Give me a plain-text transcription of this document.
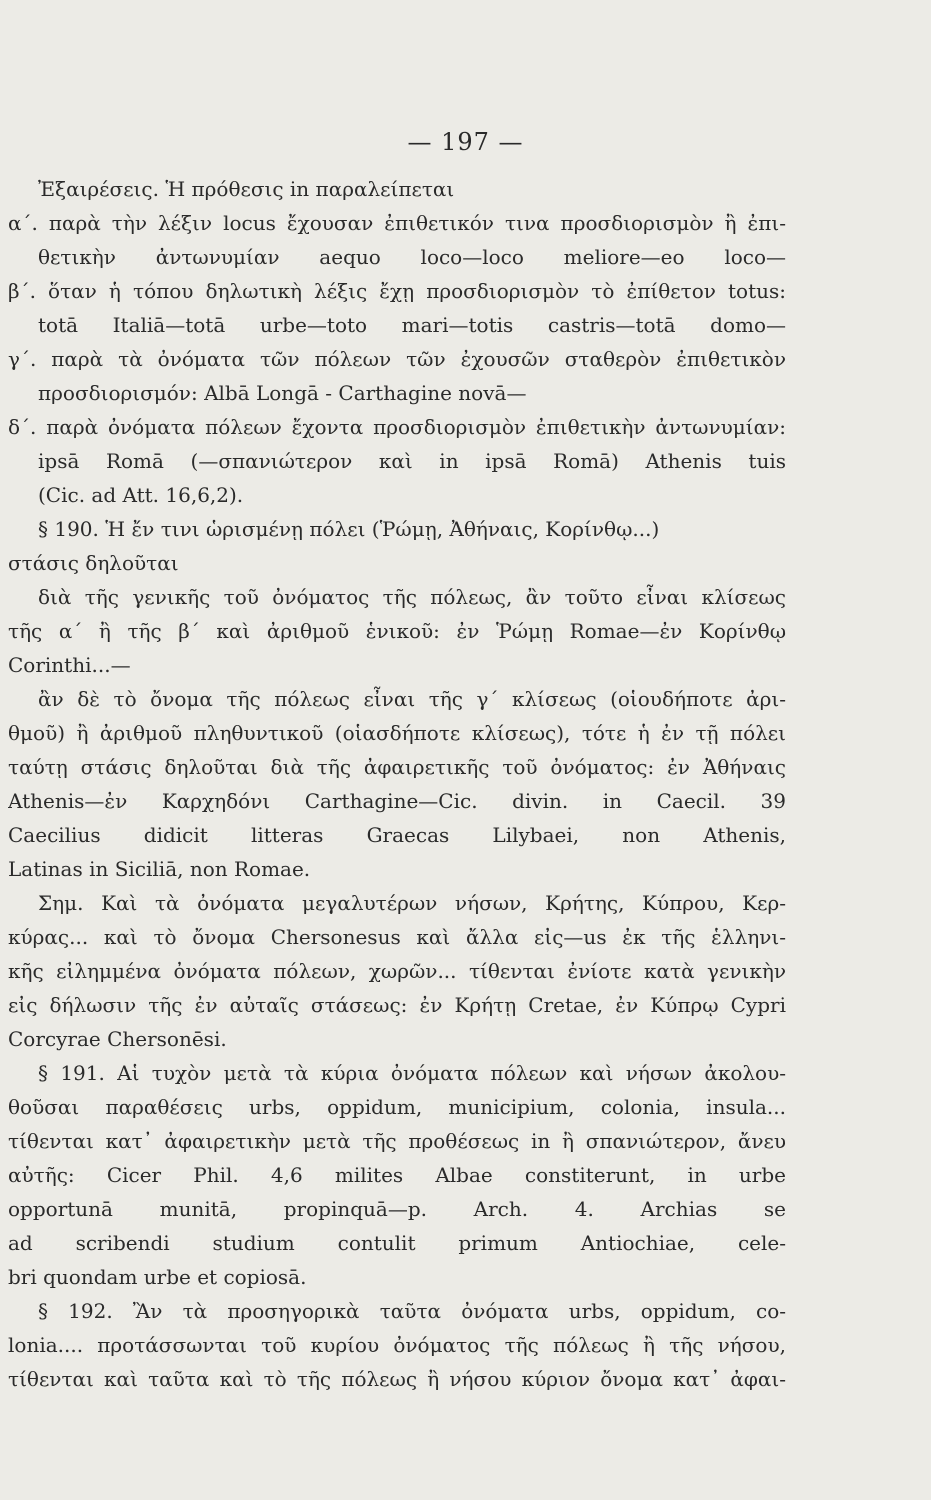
— 197 —
Ἐξαιρέσεις. Ἡ πρόθεσις in παραλείπεται
α΄. παρὰ τὴν λέξιν locus ἔχουσαν ἐπιθετικόν τινα προσδιορισμὸν ἢ ἐπι-
θετικὴν ἀντωνυμίαν aequo loco—loco meliore—eo loco—
β΄. ὅταν ἡ τόπου δηλωτικὴ λέξις ἔχῃ προσδιορισμὸν τὸ ἐπίθετον totus:
totā Italiā—totā urbe—toto mari—totis castris—totā domo—
γ΄. παρὰ τὰ ὀνόματα τῶν πόλεων τῶν ἐχουσῶν σταθερὸν ἐπιθετικὸν
προσδιορισμόν: Albā Longā - Carthagine novā—
δ΄. παρὰ ὀνόματα πόλεων ἔχοντα προσδιορισμὸν ἐπιθετικὴν ἀντωνυμίαν:
ipsā Romā (—σπανιώτερον καὶ in ipsā Romā) Athenis tuis
(Cic. ad Att. 16,6,2).
§ 190. Ἡ ἔν τινι ὡρισμένῃ πόλει (Ῥώμῃ, Ἀθήναις, Κορίνθῳ...)
στάσις δηλοῦται
διὰ τῆς γενικῆς τοῦ ὀνόματος τῆς πόλεως, ἂν τοῦτο εἶναι κλίσεως
τῆς α΄ ἢ τῆς β΄ καὶ ἀριθμοῦ ἑνικοῦ: ἐν Ῥώμῃ Romae—ἐν Κορίνθῳ
Corinthi...—
ἂν δὲ τὸ ὄνομα τῆς πόλεως εἶναι τῆς γ΄ κλίσεως (οἱουδήποτε ἀρι-
θμοῦ) ἢ ἀριθμοῦ πληθυντικοῦ (οἱασδήποτε κλίσεως), τότε ἡ ἐν τῇ πόλει
ταύτῃ στάσις δηλοῦται διὰ τῆς ἀφαιρετικῆς τοῦ ὀνόματος: ἐν Ἀθήναις
Athenis—ἐν Καρχηδόνι Carthagine—Cic. divin. in Caecil. 39
Caecilius didicit litteras Graecas Lilybaei, non Athenis,
Latinas in Siciliā, non Romae.
Σημ. Καὶ τὰ ὀνόματα μεγαλυτέρων νήσων, Κρήτης, Κύπρου, Κερ-
κύρας... καὶ τὸ ὄνομα Chersonesus καὶ ἄλλα εἰς—us ἐκ τῆς ἑλληνι-
κῆς εἰλημμένα ὀνόματα πόλεων, χωρῶν... τίθενται ἐνίοτε κατὰ γενικὴν
εἰς δήλωσιν τῆς ἐν αὐταῖς στάσεως: ἐν Κρήτῃ Cretae, ἐν Κύπρῳ Cypri
Corcyrae Chersonēsi.
§ 191. Αἱ τυχὸν μετὰ τὰ κύρια ὀνόματα πόλεων καὶ νήσων ἀκολου-
θοῦσαι παραθέσεις urbs, oppidum, municipium, colonia, insula...
τίθενται κατ᾽ ἀφαιρετικὴν μετὰ τῆς προθέσεως in ἢ σπανιώτερον, ἄνευ
αὐτῆς: Cicer Phil. 4,6 milites Albae constiterunt, in urbe
opportunā munitā, propinquā—p. Arch. 4. Archias se
ad scribendi studium contulit primum Antiochiae, cele-
bri quondam urbe et copiosā.
§ 192. Ἂν τὰ προσηγορικὰ ταῦτα ὀνόματα urbs, oppidum, co-
lonia.... προτάσσωνται τοῦ κυρίου ὀνόματος τῆς πόλεως ἢ τῆς νήσου,
τίθενται καὶ ταῦτα καὶ τὸ τῆς πόλεως ἢ νήσου κύριον ὄνομα κατ᾽ ἀφαι-
